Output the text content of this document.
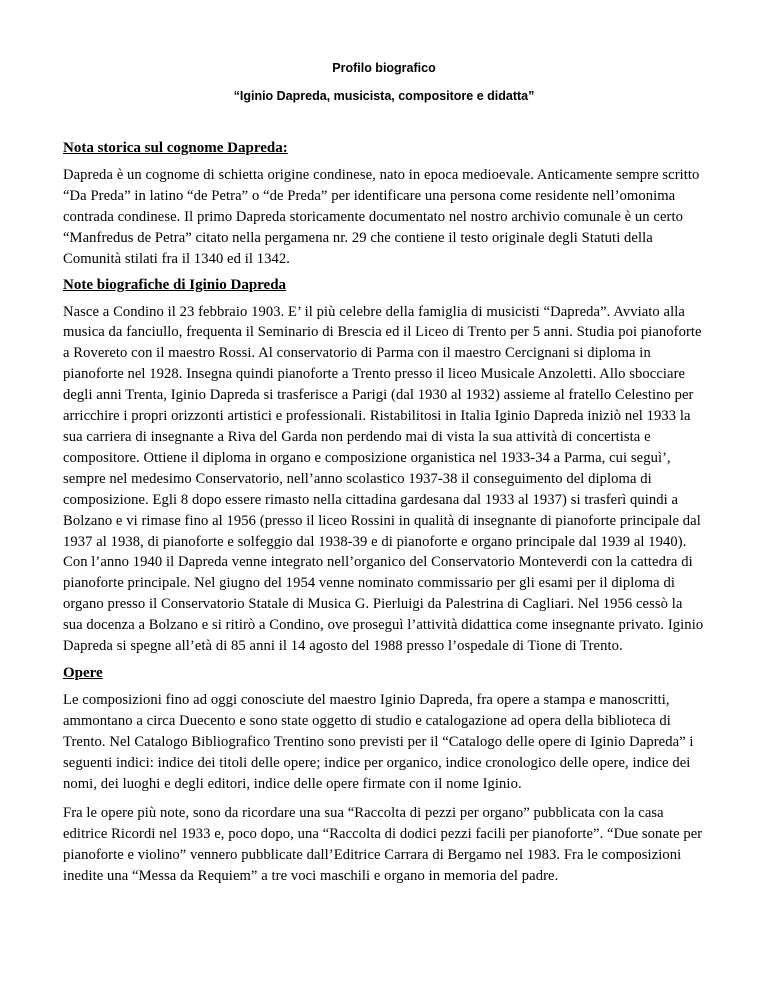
Profilo biografico
“Iginio Dapreda, musicista, compositore e didatta”

Nota storica sul cognome Dapreda:

Dapreda è un cognome di schietta origine condinese, nato in epoca medioevale. Anticamente sempre scritto “Da Preda” in latino “de Petra” o “de Preda” per identificare una persona come residente nell’omonima contrada condinese. Il primo Dapreda storicamente documentato nel nostro archivio comunale è un certo “Manfredus de Petra” citato nella pergamena nr. 29 che contiene il testo originale degli Statuti della Comunità stilati fra il 1340 ed il 1342.

Note biografiche di Iginio Dapreda

Nasce a Condino il 23 febbraio 1903. E’ il più celebre della famiglia di musicisti “Dapreda”. Avviato alla musica da fanciullo, frequenta il Seminario di Brescia ed il Liceo di Trento per 5 anni. Studia poi pianoforte a Rovereto con il maestro Rossi. Al conservatorio di Parma con il maestro Cercignani si diploma in pianoforte nel 1928. Insegna quindi pianoforte a Trento presso il liceo Musicale Anzoletti. Allo sbocciare degli anni Trenta, Iginio Dapreda si trasferisce a Parigi (dal 1930 al 1932) assieme al fratello Celestino per arricchire i propri orizzonti artistici e professionali. Ristabilitosi in Italia Iginio Dapreda iniziò nel 1933 la sua carriera di insegnante a Riva del Garda non perdendo mai di vista la sua attività di concertista e compositore. Ottiene il diploma in organo e composizione organistica nel 1933-34 a Parma, cui seguì’, sempre nel medesimo Conservatorio, nell’anno scolastico 1937-38 il conseguimento del diploma di composizione. Egli 8 dopo essere rimasto nella cittadina gardesana dal 1933 al 1937) si trasferì quindi a Bolzano e vi rimase fino al 1956 (presso il liceo Rossini in qualità di insegnante di pianoforte principale dal 1937 al 1938, di pianoforte e solfeggio dal 1938-39 e di pianoforte e organo principale dal 1939 al 1940). Con l’anno 1940 il Dapreda venne integrato nell’organico del Conservatorio Monteverdi con la cattedra di pianoforte principale. Nel giugno del 1954 venne nominato commissario per gli esami per il diploma di organo presso il Conservatorio Statale di Musica G. Pierluigi da Palestrina di Cagliari. Nel 1956 cessò la sua docenza a Bolzano e si ritirò a Condino, ove proseguì l’attività didattica come insegnante privato. Iginio Dapreda si spegne all’età di 85 anni il 14 agosto del 1988 presso l’ospedale di Tione di Trento.

Opere

Le composizioni fino ad oggi conosciute del maestro Iginio Dapreda, fra opere a stampa e manoscritti, ammontano a circa Duecento e sono state oggetto di studio e catalogazione ad opera della biblioteca di Trento. Nel Catalogo Bibliografico Trentino sono previsti per il “Catalogo delle opere di Iginio Dapreda” i seguenti indici: indice dei titoli delle opere; indice per organico, indice cronologico delle opere, indice dei nomi, dei luoghi e degli editori, indice delle opere firmate con il nome Iginio.

Fra le opere più note, sono da ricordare una sua “Raccolta di pezzi per organo” pubblicata con la casa editrice Ricordi nel 1933 e, poco dopo, una “Raccolta di dodici pezzi facili per pianoforte”. “Due sonate per pianoforte e violino” vennero pubblicate dall’Editrice Carrara di Bergamo nel 1983. Fra le composizioni inedite una “Messa da Requiem” a tre voci maschili e organo in memoria del padre.
